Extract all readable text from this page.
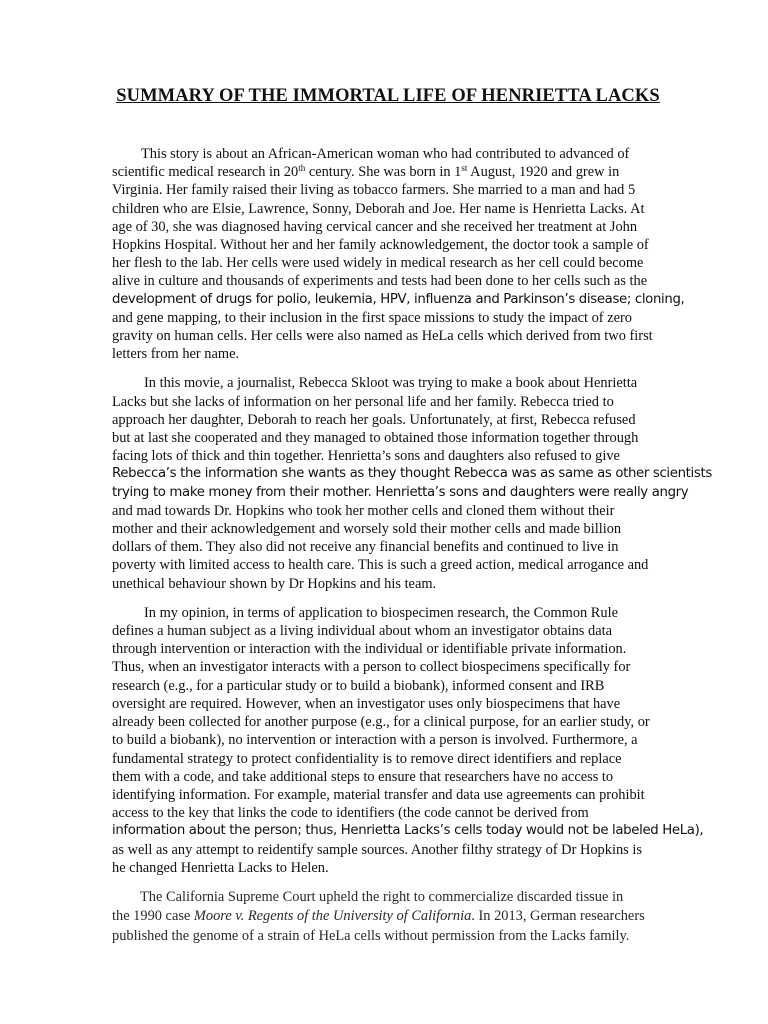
SUMMARY OF THE IMMORTAL LIFE OF HENRIETTA LACKS

This story is about an African-American woman who had contributed to advanced of
scientific medical research in 20th century. She was born in 1st August, 1920 and grew in
Virginia. Her family raised their living as tobacco farmers. She married to a man and had 5
children who are Elsie, Lawrence, Sonny, Deborah and Joe. Her name is Henrietta Lacks. At
age of 30, she was diagnosed having cervical cancer and she received her treatment at John
Hopkins Hospital. Without her and her family acknowledgement, the doctor took a sample of
her flesh to the lab. Her cells were used widely in medical research as her cell could become
alive in culture and thousands of experiments and tests had been done to her cells such as the
development of drugs for polio, leukemia, HPV, influenza and Parkinson’s disease; cloning,
and gene mapping, to their inclusion in the first space missions to study the impact of zero
gravity on human cells. Her cells were also named as HeLa cells which derived from two first
letters from her name.

In this movie, a journalist, Rebecca Skloot was trying to make a book about Henrietta
Lacks but she lacks of information on her personal life and her family. Rebecca tried to
approach her daughter, Deborah to reach her goals. Unfortunately, at first, Rebecca refused
but at last she cooperated and they managed to obtained those information together through
facing lots of thick and thin together. Henrietta’s sons and daughters also refused to give
Rebecca’s the information she wants as they thought Rebecca was as same as other scientists
trying to make money from their mother. Henrietta’s sons and daughters were really angry
and mad towards Dr. Hopkins who took her mother cells and cloned them without their
mother and their acknowledgement and worsely sold their mother cells and made billion
dollars of them. They also did not receive any financial benefits and continued to live in
poverty with limited access to health care. This is such a greed action, medical arrogance and
unethical behaviour shown by Dr Hopkins and his team.

In my opinion, in terms of application to biospecimen research, the Common Rule
defines a human subject as a living individual about whom an investigator obtains data
through intervention or interaction with the individual or identifiable private information.
Thus, when an investigator interacts with a person to collect biospecimens specifically for
research (e.g., for a particular study or to build a biobank), informed consent and IRB
oversight are required. However, when an investigator uses only biospecimens that have
already been collected for another purpose (e.g., for a clinical purpose, for an earlier study, or
to build a biobank), no intervention or interaction with a person is involved. Furthermore, a
fundamental strategy to protect confidentiality is to remove direct identifiers and replace
them with a code, and take additional steps to ensure that researchers have no access to
identifying information. For example, material transfer and data use agreements can prohibit
access to the key that links the code to identifiers (the code cannot be derived from
information about the person; thus, Henrietta Lacks’s cells today would not be labeled HeLa),
as well as any attempt to reidentify sample sources. Another filthy strategy of Dr Hopkins is
he changed Henrietta Lacks to Helen.

The California Supreme Court upheld the right to commercialize discarded tissue in
the 1990 case Moore v. Regents of the University of California. In 2013, German researchers
published the genome of a strain of HeLa cells without permission from the Lacks family.
